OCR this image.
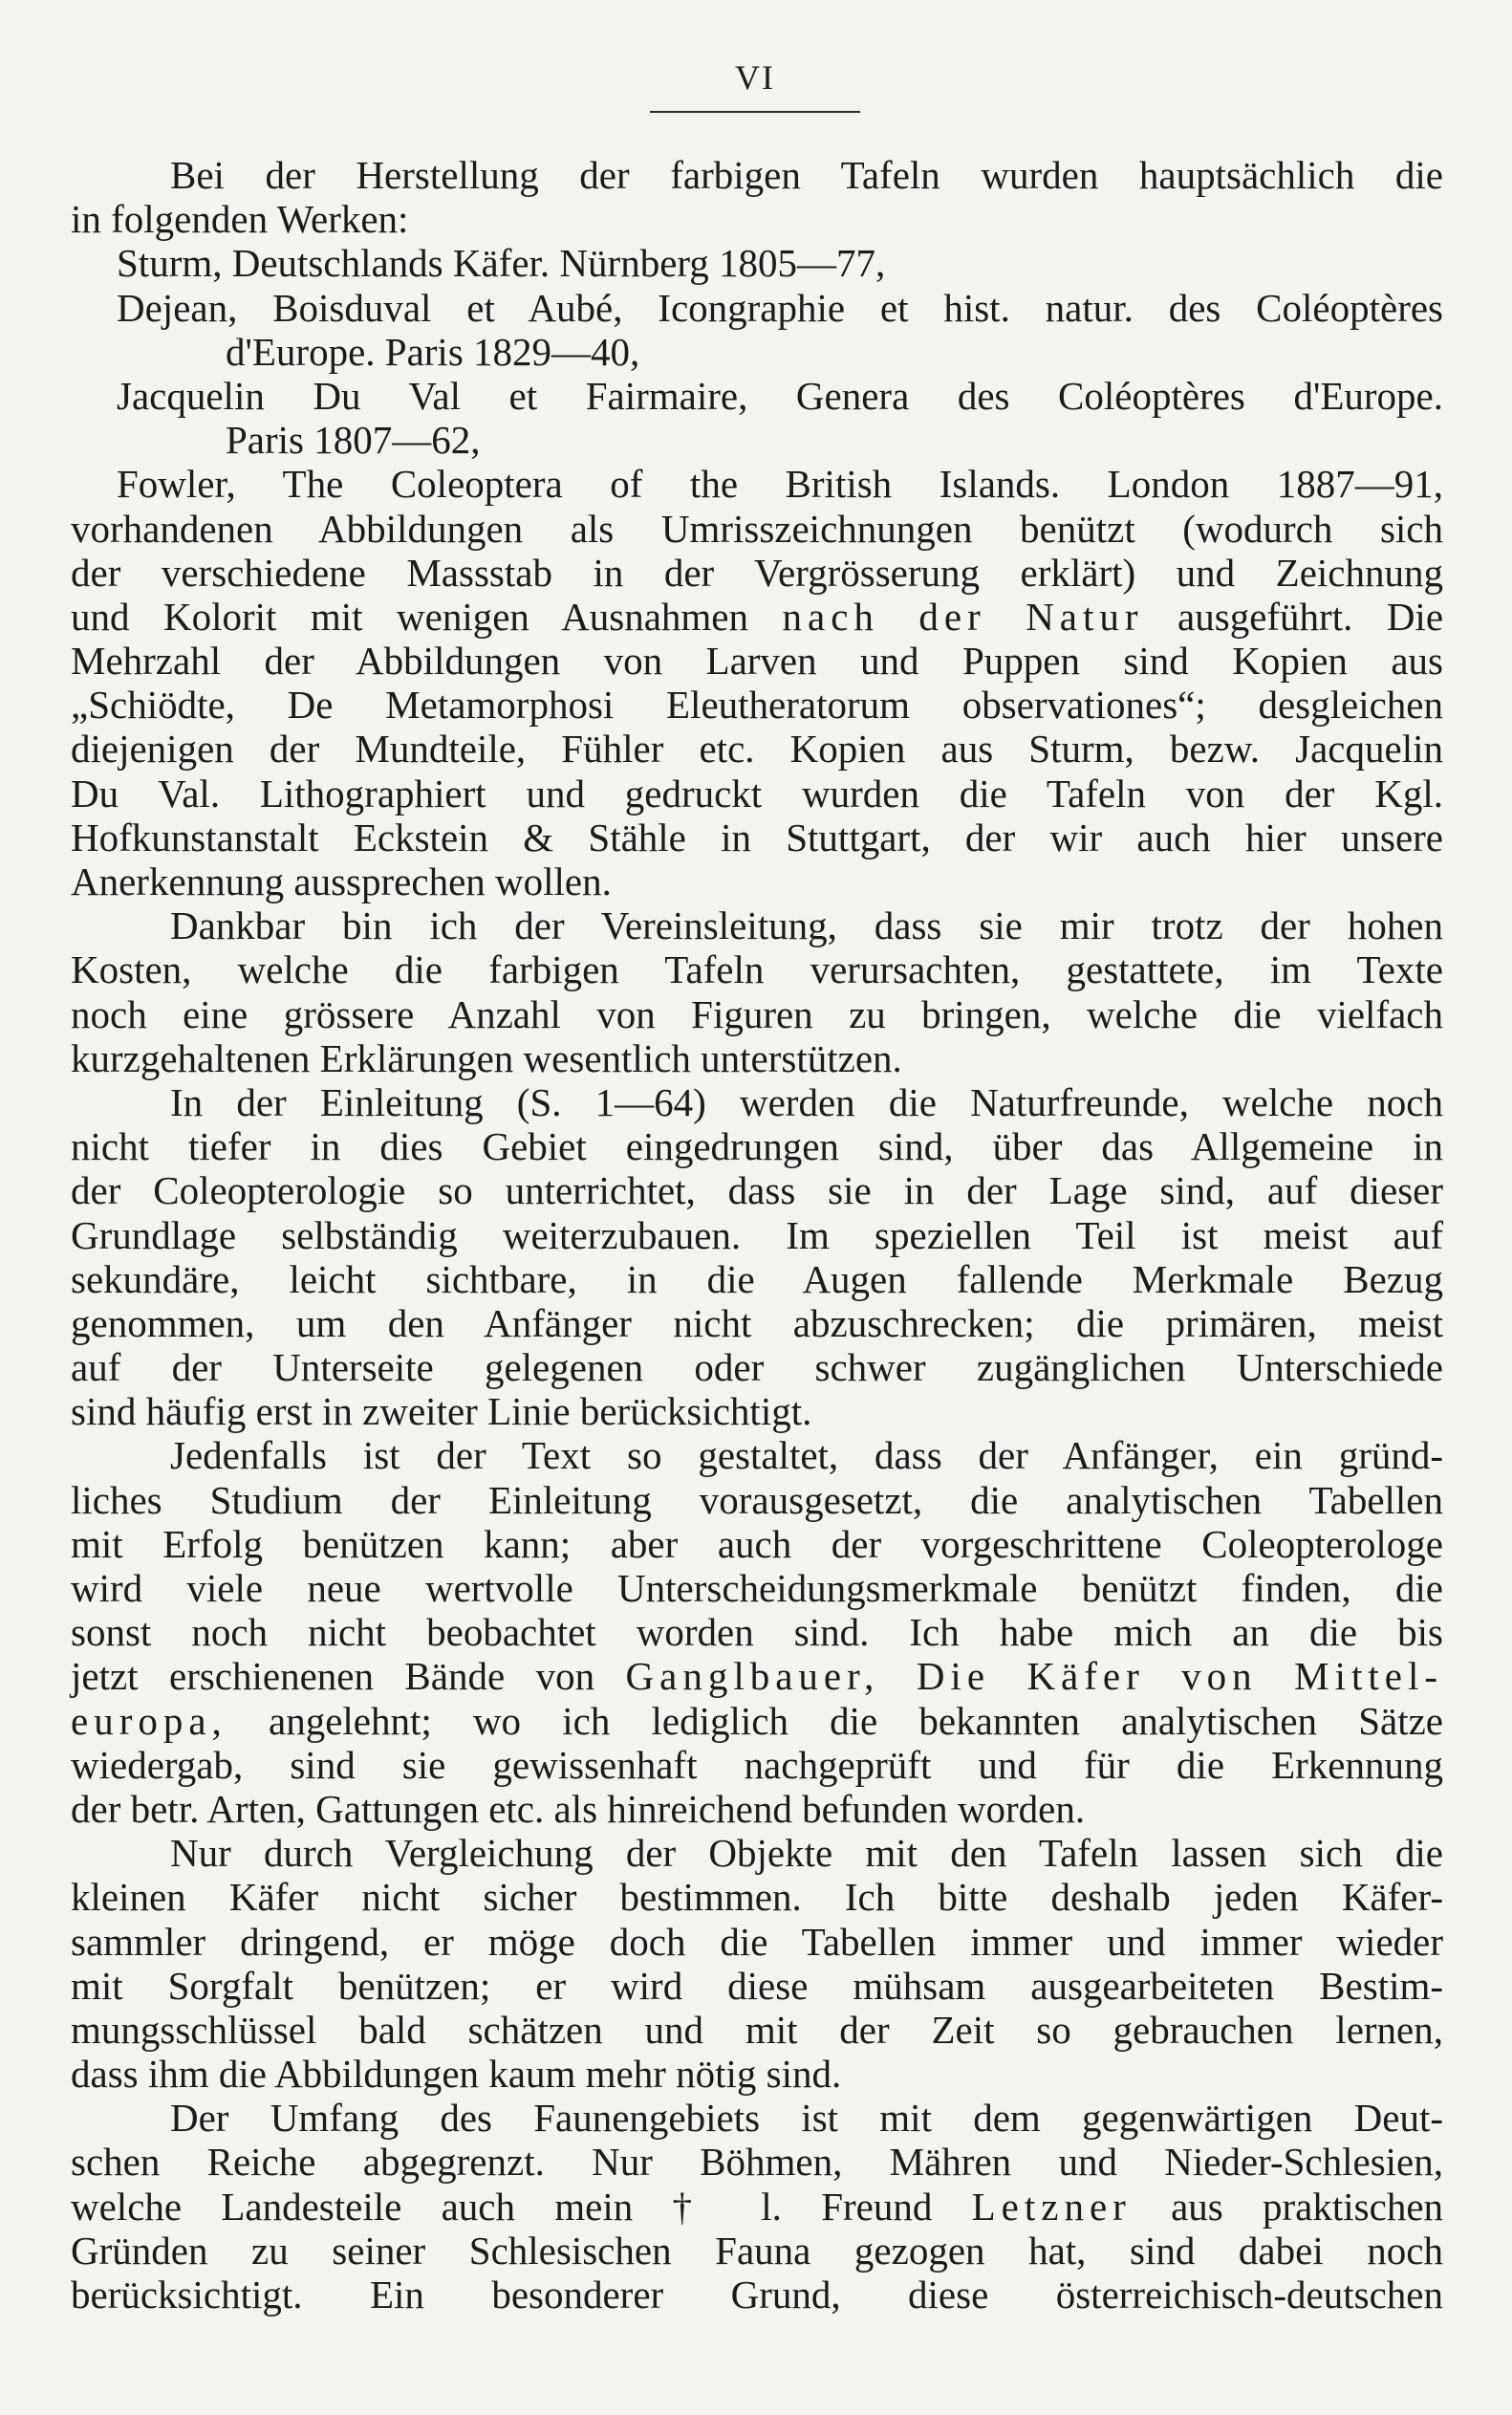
VI
Bei der Herstellung der farbigen Tafeln wurden hauptsächlich die
in folgenden Werken:
Sturm, Deutschlands Käfer. Nürnberg 1805—77,
Dejean, Boisduval et Aubé, Icongraphie et hist. natur. des Coléoptères
d'Europe. Paris 1829—40,
Jacquelin Du Val et Fairmaire, Genera des Coléoptères d'Europe.
Paris 1807—62,
Fowler, The Coleoptera of the British Islands. London 1887—91,
vorhandenen Abbildungen als Umrisszeichnungen benützt (wodurch sich
der verschiedene Massstab in der Vergrösserung erklärt) und Zeichnung
und Kolorit mit wenigen Ausnahmen nach der Natur ausgeführt. Die
Mehrzahl der Abbildungen von Larven und Puppen sind Kopien aus
„Schiödte, De Metamorphosi Eleutheratorum observationes“; desgleichen
diejenigen der Mundteile, Fühler etc. Kopien aus Sturm, bezw. Jacquelin
Du Val. Lithographiert und gedruckt wurden die Tafeln von der Kgl.
Hofkunstanstalt Eckstein & Stähle in Stuttgart, der wir auch hier unsere
Anerkennung aussprechen wollen.
Dankbar bin ich der Vereinsleitung, dass sie mir trotz der hohen
Kosten, welche die farbigen Tafeln verursachten, gestattete, im Texte
noch eine grössere Anzahl von Figuren zu bringen, welche die vielfach
kurzgehaltenen Erklärungen wesentlich unterstützen.
In der Einleitung (S. 1—64) werden die Naturfreunde, welche noch
nicht tiefer in dies Gebiet eingedrungen sind, über das Allgemeine in
der Coleopterologie so unterrichtet, dass sie in der Lage sind, auf dieser
Grundlage selbständig weiterzubauen. Im speziellen Teil ist meist auf
sekundäre, leicht sichtbare, in die Augen fallende Merkmale Bezug
genommen, um den Anfänger nicht abzuschrecken; die primären, meist
auf der Unterseite gelegenen oder schwer zugänglichen Unterschiede
sind häufig erst in zweiter Linie berücksichtigt.
Jedenfalls ist der Text so gestaltet, dass der Anfänger, ein gründ-
liches Studium der Einleitung vorausgesetzt, die analytischen Tabellen
mit Erfolg benützen kann; aber auch der vorgeschrittene Coleopterologe
wird viele neue wertvolle Unterscheidungsmerkmale benützt finden, die
sonst noch nicht beobachtet worden sind. Ich habe mich an die bis
jetzt erschienenen Bände von Ganglbauer, Die Käfer von Mittel-
europa, angelehnt; wo ich lediglich die bekannten analytischen Sätze
wiedergab, sind sie gewissenhaft nachgeprüft und für die Erkennung
der betr. Arten, Gattungen etc. als hinreichend befunden worden.
Nur durch Vergleichung der Objekte mit den Tafeln lassen sich die
kleinen Käfer nicht sicher bestimmen. Ich bitte deshalb jeden Käfer-
sammler dringend, er möge doch die Tabellen immer und immer wieder
mit Sorgfalt benützen; er wird diese mühsam ausgearbeiteten Bestim-
mungsschlüssel bald schätzen und mit der Zeit so gebrauchen lernen,
dass ihm die Abbildungen kaum mehr nötig sind.
Der Umfang des Faunengebiets ist mit dem gegenwärtigen Deut-
schen Reiche abgegrenzt. Nur Böhmen, Mähren und Nieder-Schlesien,
welche Landesteile auch mein † l. Freund Letzner aus praktischen
Gründen zu seiner Schlesischen Fauna gezogen hat, sind dabei noch
berücksichtigt. Ein besonderer Grund, diese österreichisch-deutschen
